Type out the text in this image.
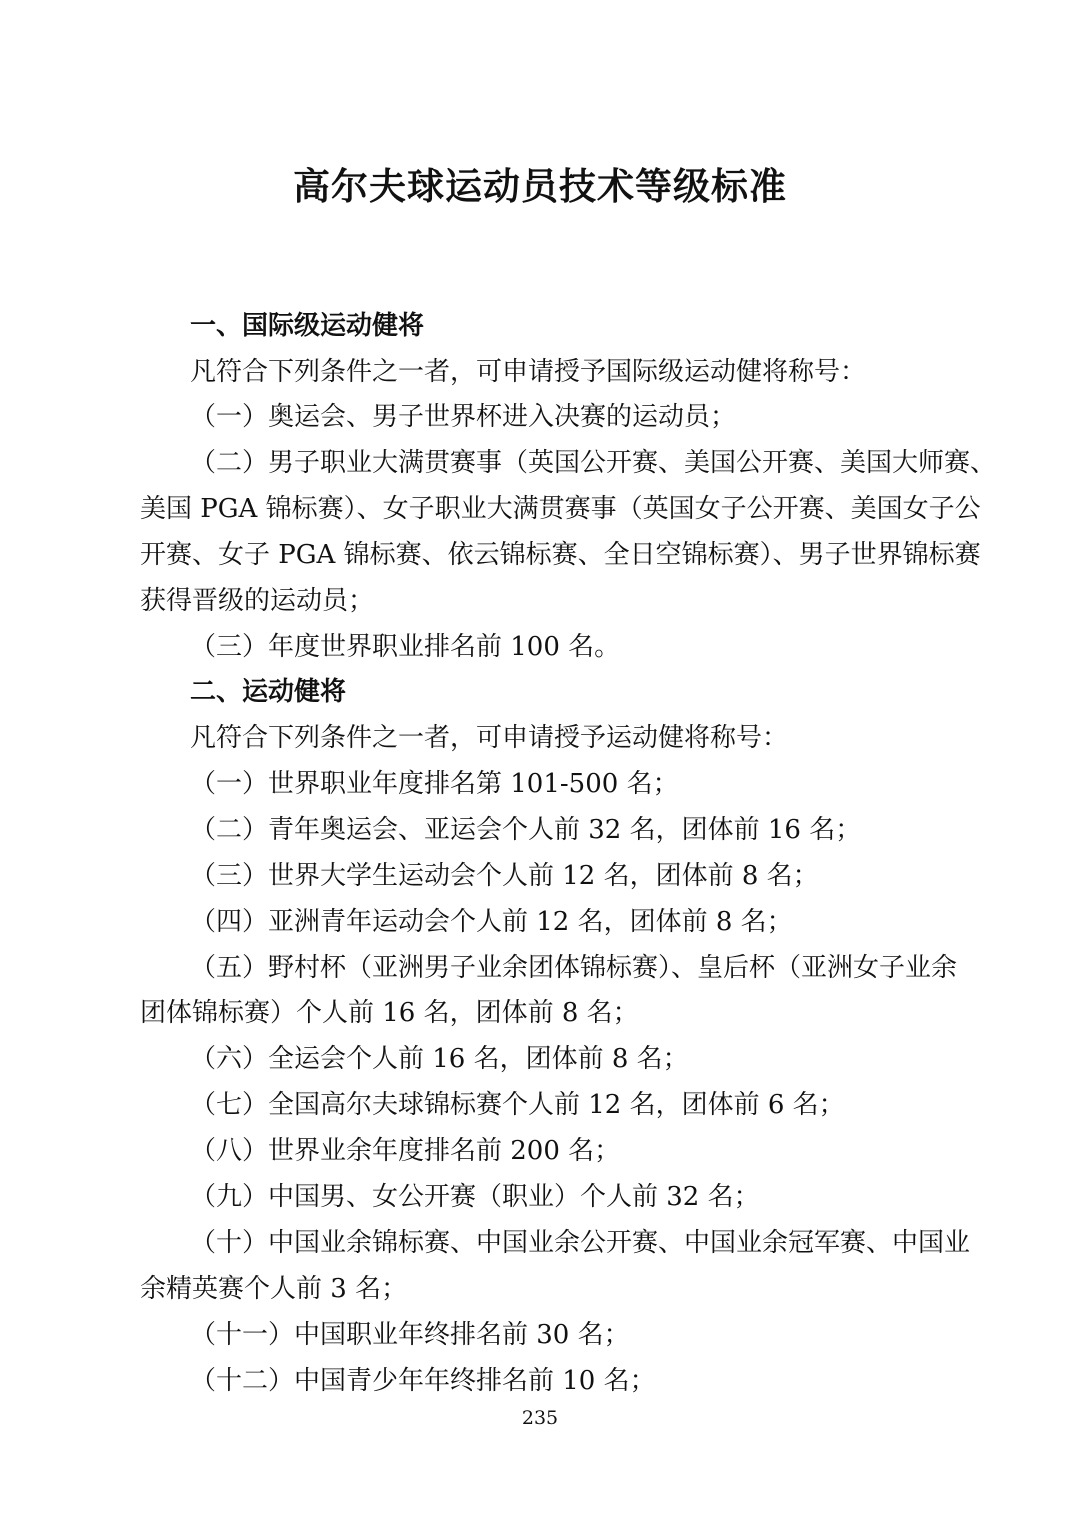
高尔夫球运动员技术等级标准

一、国际级运动健将

凡符合下列条件之一者，可申请授予国际级运动健将称号：

（一）奥运会、男子世界杯进入决赛的运动员；

（二）男子职业大满贯赛事（英国公开赛、美国公开赛、美国大师赛、

美国 PGA 锦标赛）、女子职业大满贯赛事（英国女子公开赛、美国女子公

开赛、女子 PGA 锦标赛、依云锦标赛、全日空锦标赛）、男子世界锦标赛

获得晋级的运动员；

（三）年度世界职业排名前 100 名。

二、运动健将

凡符合下列条件之一者，可申请授予运动健将称号：

（一）世界职业年度排名第 101-500 名；

（二）青年奥运会、亚运会个人前 32 名，团体前 16 名；

（三）世界大学生运动会个人前 12 名，团体前 8 名；

（四）亚洲青年运动会个人前 12 名，团体前 8 名；

（五）野村杯（亚洲男子业余团体锦标赛）、皇后杯（亚洲女子业余

团体锦标赛）个人前 16 名，团体前 8 名；

（六）全运会个人前 16 名，团体前 8 名；

（七）全国高尔夫球锦标赛个人前 12 名，团体前 6 名；

（八）世界业余年度排名前 200 名；

（九）中国男、女公开赛（职业）个人前 32 名；

（十）中国业余锦标赛、中国业余公开赛、中国业余冠军赛、中国业

余精英赛个人前 3 名；

（十一）中国职业年终排名前 30 名；

（十二）中国青少年年终排名前 10 名；

235
